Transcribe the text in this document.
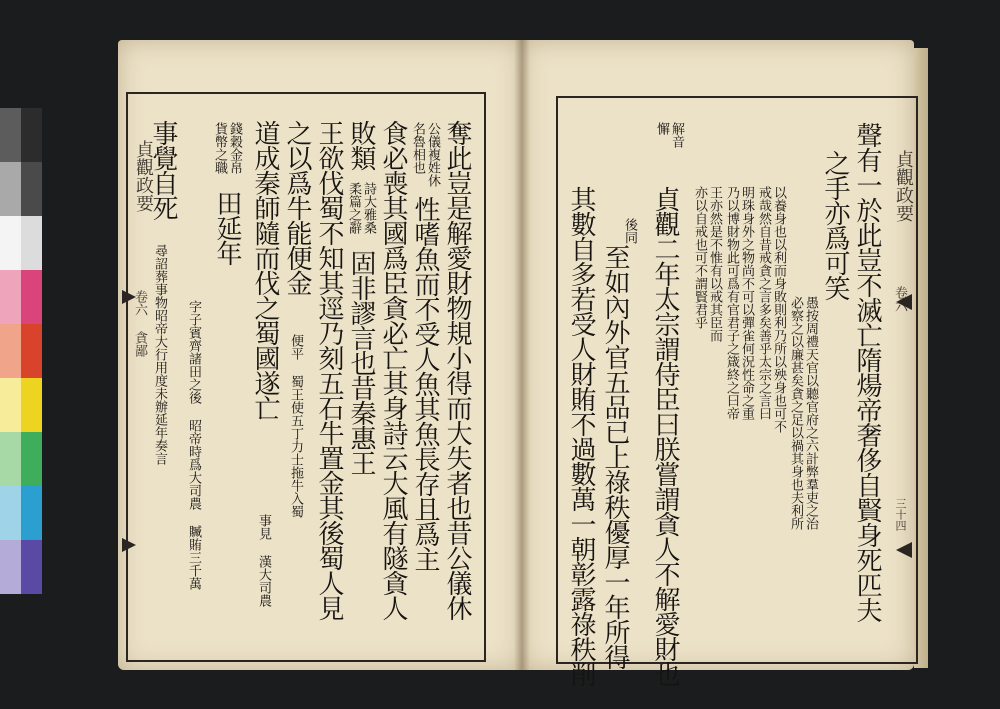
奪此豈是解愛財物規小得而大失者也昔公儀休
公儀複姓休
名魯相也
性嗜魚而不受人魚其魚長存且爲主
食必喪其國爲臣貪必亡其身詩云大風有隧貪人
敗類
詩大雅桑
柔篇之辭
固非謬言也昔秦惠王
王欲伐蜀不知其逕乃刻五石牛置金其後蜀人見
之以爲牛能便金
便平 蜀王使五丁力士拖牛入蜀
道成秦師隨而伐之蜀國遂亡
事見 漢大司農
錢穀金帛
貨幣之職
田延年
字子賓齊諸田之後 昭帝時爲大司農 贓賄三千萬
事覺自死
尋詔葬事物昭帝大行用度未辦延年奏言
貞觀政要
卷六 貪鄙	聲有一於此豈不滅亡隋煬帝奢侈自賢身死匹夫
之手亦爲可笑
愚按周禮天官以聽官府之六計弊羣吏之治
必察之以廉甚矣貪之足以禍其身也夫利所
以養身也以利而身敗則利乃所以殃身也可不
戒哉然自昔戒貪之言多矣善乎太宗之言曰
明珠身外之物尚不可以彈雀何況性命之重
乃以博財物此可爲有官君子之箴終之曰帝
王亦然是不惟有以戒其臣而
亦以自戒也可不謂賢君乎
貞觀二年太宗謂侍臣曰朕嘗謂貪人不解愛財也
解音
懈
後同
至如內外官五品已上祿秩優厚一年所得
其數自多若受人財賄不過數萬一朝彰露祿秩削	貞觀政要
卷六
三十四
